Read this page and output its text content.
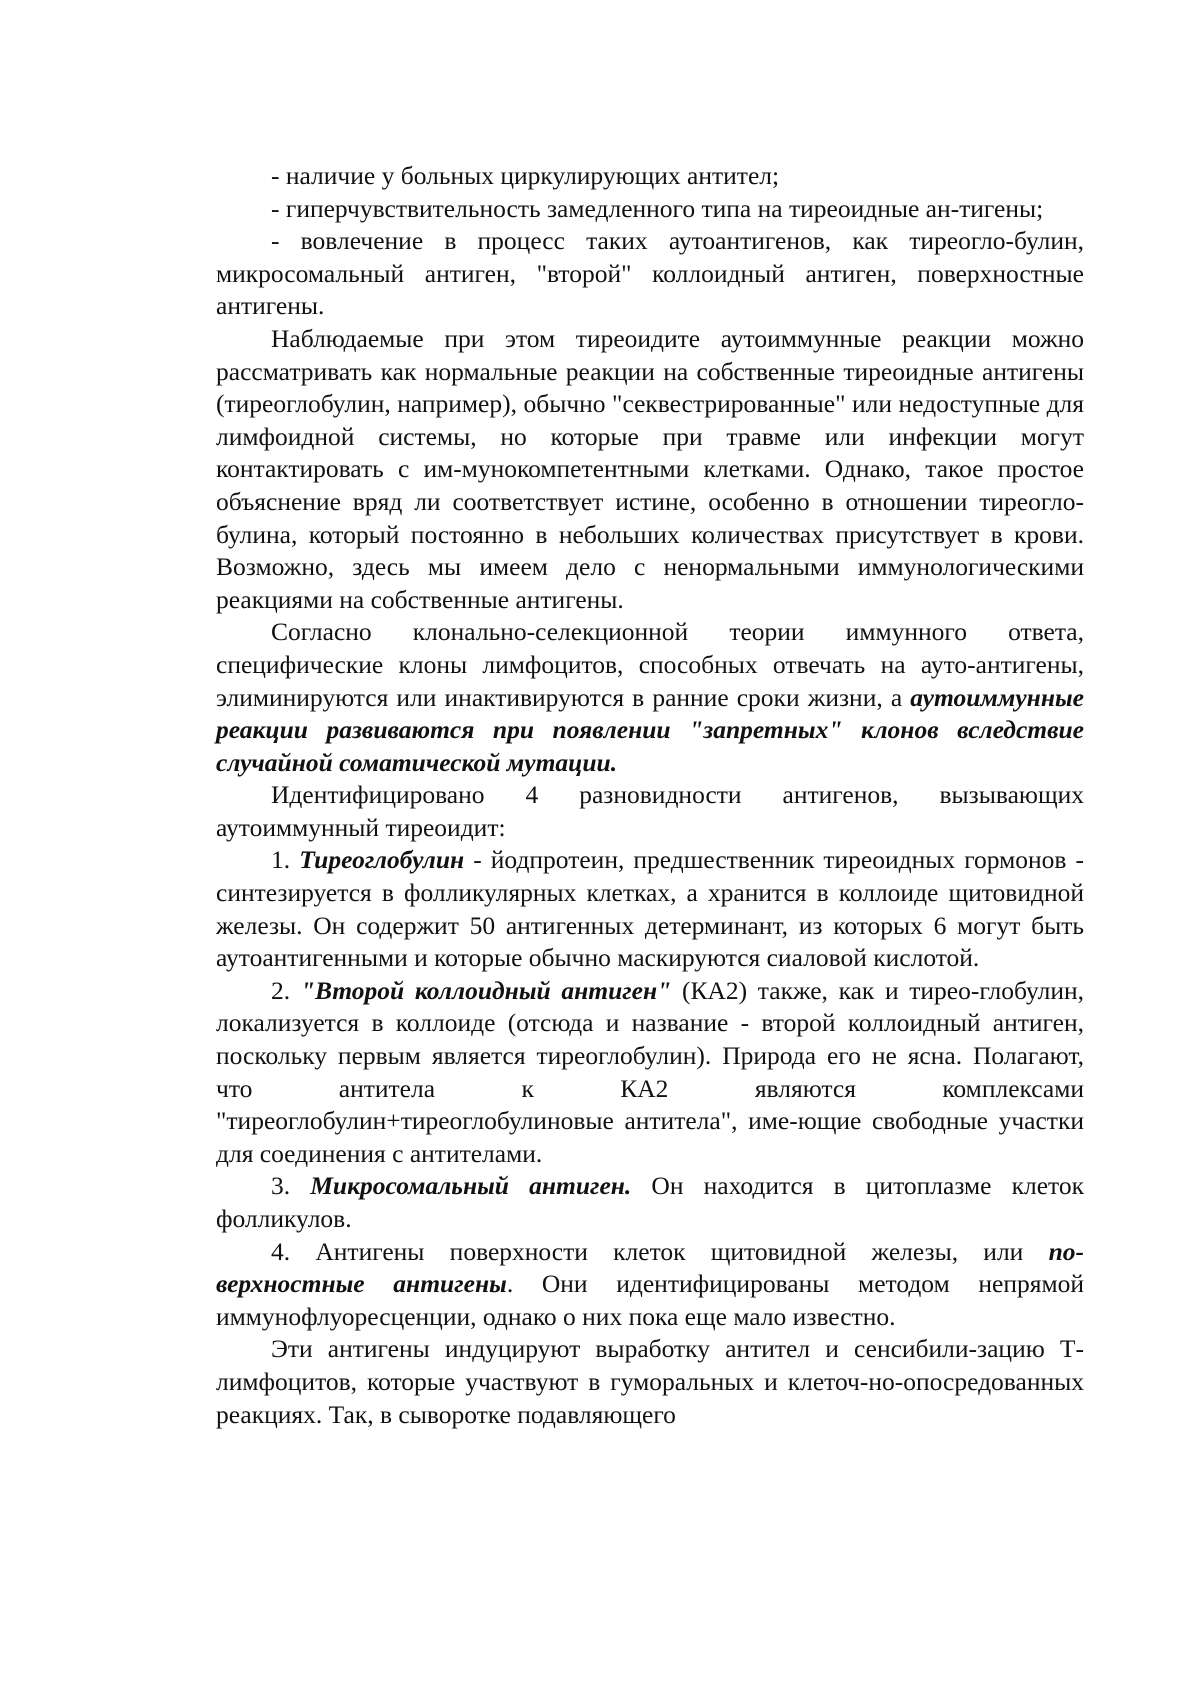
- наличие у больных циркулирующих антител;

- гиперчувствительность замедленного типа на тиреоидные ан-тигены;

- вовлечение в процесс таких аутоантигенов, как тиреогло-булин, микросомальный антиген, "второй" коллоидный антиген, поверхностные антигены.

Наблюдаемые при этом тиреоидите аутоиммунные реакции можно рассматривать как нормальные реакции на собственные тиреоидные антигены (тиреоглобулин, например), обычно "секвестрированные" или недоступные для лимфоидной системы, но которые при травме или инфекции могут контактировать с им-мунокомпетентными клетками. Однако, такое простое объяснение вряд ли соответствует истине, особенно в отношении тиреогло-булина, который постоянно в небольших количествах присутствует в крови. Возможно, здесь мы имеем дело с ненормальными иммунологическими реакциями на собственные антигены.

Согласно клонально-селекционной теории иммунного ответа, специфические клоны лимфоцитов, способных отвечать на ауто-антигены, элиминируются или инактивируются в ранние сроки жизни, а аутоиммунные реакции развиваются при появлении "запретных" клонов вследствие случайной соматической мутации.

Идентифицировано 4 разновидности антигенов, вызывающих аутоиммунный тиреоидит:

1. Тиреоглобулин - йодпротеин, предшественник тиреоидных гормонов - синтезируется в фолликулярных клетках, а хранится в коллоиде щитовидной железы. Он содержит 50 антигенных детерминант, из которых 6 могут быть аутоантигенными и которые обычно маскируются сиаловой кислотой.

2. "Второй коллоидный антиген" (КА2) также, как и тирео-глобулин, локализуется в коллоиде (отсюда и название - второй коллоидный антиген, поскольку первым является тиреоглобулин). Природа его не ясна. Полагают, что антитела к КА2 являются комплексами "тиреоглобулин+тиреоглобулиновые антитела", име-ющие свободные участки для соединения с антителами.

3. Микросомальный антиген. Он находится в цитоплазме клеток фолликулов.

4. Антигены поверхности клеток щитовидной железы, или по-верхностные антигены. Они идентифицированы методом непрямой иммунофлуоресценции, однако о них пока еще мало известно.

Эти антигены индуцируют выработку антител и сенсибили-зацию Т-лимфоцитов, которые участвуют в гуморальных и клеточ-но-опосредованных реакциях. Так, в сыворотке подавляющего
